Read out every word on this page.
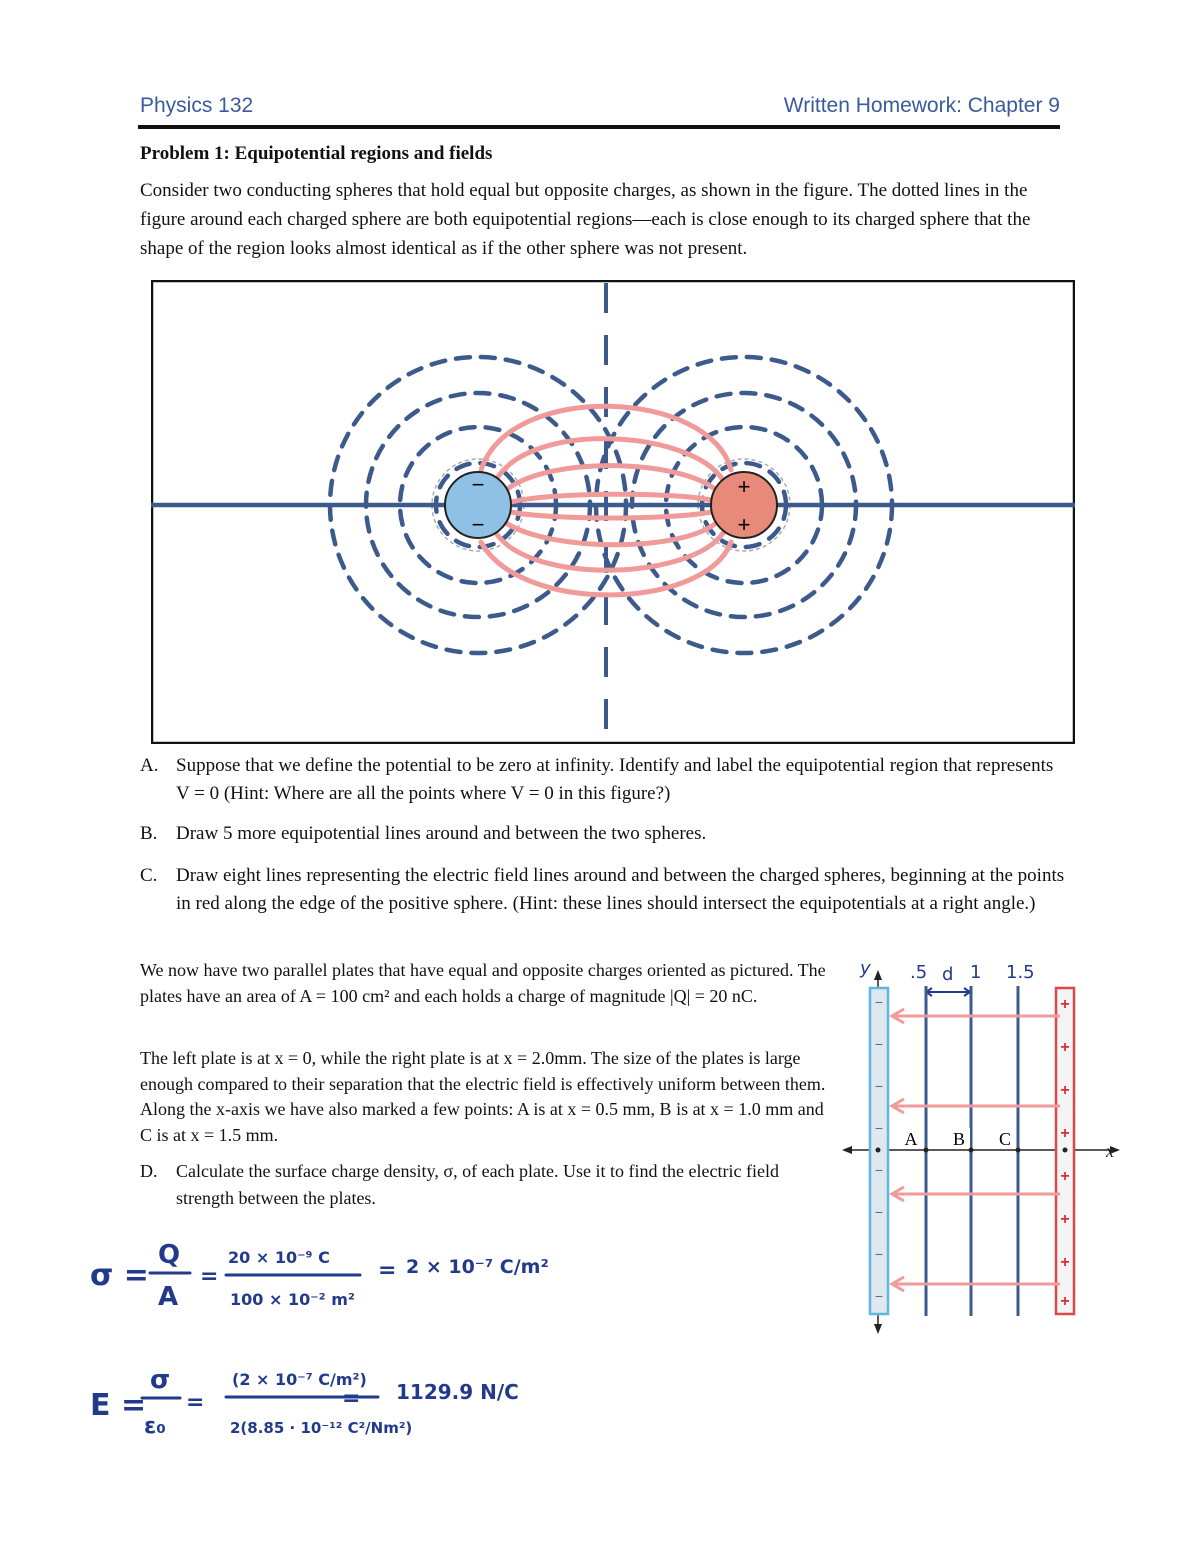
Physics 132	Written Homework: Chapter 9
Problem 1: Equipotential regions and fields
Consider two conducting spheres that hold equal but opposite charges, as shown in the figure. The dotted lines in the figure around each charged sphere are both equipotential regions—each is close enough to its charged sphere that the shape of the region looks almost identical as if the other sphere was not present.
−
−
+
+
A. Suppose that we define the potential to be zero at infinity. Identify and label the equipotential region that represents V = 0 (Hint: Where are all the points where V = 0 in this figure?)
B. Draw 5 more equipotential lines around and between the two spheres.
C. Draw eight lines representing the electric field lines around and between the charged spheres, beginning at the points in red along the edge of the positive sphere. (Hint: these lines should intersect the equipotentials at a right angle.)
We now have two parallel plates that have equal and opposite charges oriented as pictured. The plates have an area of A = 100 cm² and each holds a charge of magnitude |Q| = 20 nC.
The left plate is at x = 0, while the right plate is at x = 2.0mm. The size of the plates is large enough compared to their separation that the electric field is effectively uniform between them. Along the x-axis we have also marked a few points: A is at x = 0.5 mm, B is at x = 1.0 mm and C is at x = 1.5 mm.
D. Calculate the surface charge density, σ, of each plate. Use it to find the electric field strength between the plates.
y .5 d 1 1.5
x
−
−
−
−
−
−
−
−
+
+
+
+
+
+
+
+
A B C
σ =
Q
A
=
20 × 10⁻⁹ C
100 × 10⁻² m²
= 2 × 10⁻⁷ C/m²
E =
σ
ε₀
=
(2 × 10⁻⁷ C/m²)
2(8.85 · 10⁻¹² C²/Nm²)
= 1129.9 N/C
